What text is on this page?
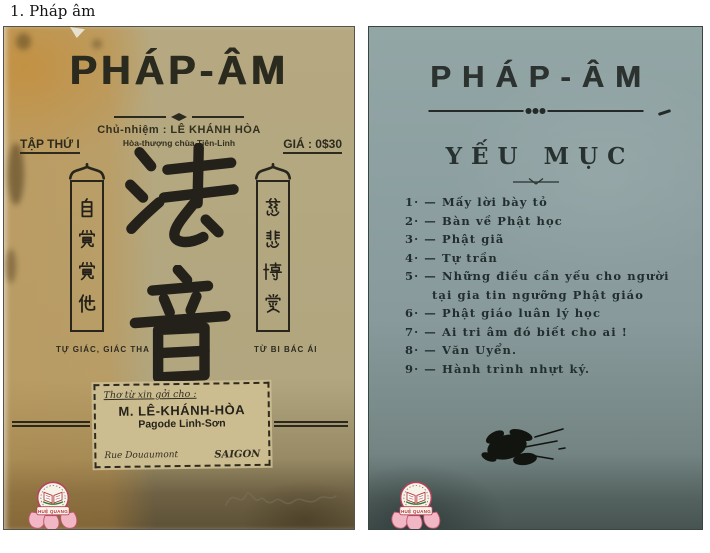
1. Pháp âm
PHÁP-ÂM
Chủ-nhiệm : LÊ KHÁNH HÒA
Hòa-thượng chùa Tiên-Linh
TẬP THỨ I	GIÁ : 0$30
TỰ GIÁC, GIÁC THA	TỪ BI BÁC ÁI
Thơ từ xin gởi cho :
M. LÊ-KHÁNH-HÒA
Pagode Linh-Sơn
Rue Douaumont	SAIGON
HUỆ QUANG
PHÁP-ÂM
YẾU MỤC
1· — Mấy lời bày tỏ
2· — Bàn về Phật học
3· — Phật giã
4· — Tự trần
5· — Những điều cần yếu cho người tại gia tin ngưỡng Phật giáo
6· — Phật giáo luân lý học
7· — Ai tri âm đó biết cho ai !
8· — Văn Uyển.
9· — Hành trình nhựt ký.
HUỆ QUANG
